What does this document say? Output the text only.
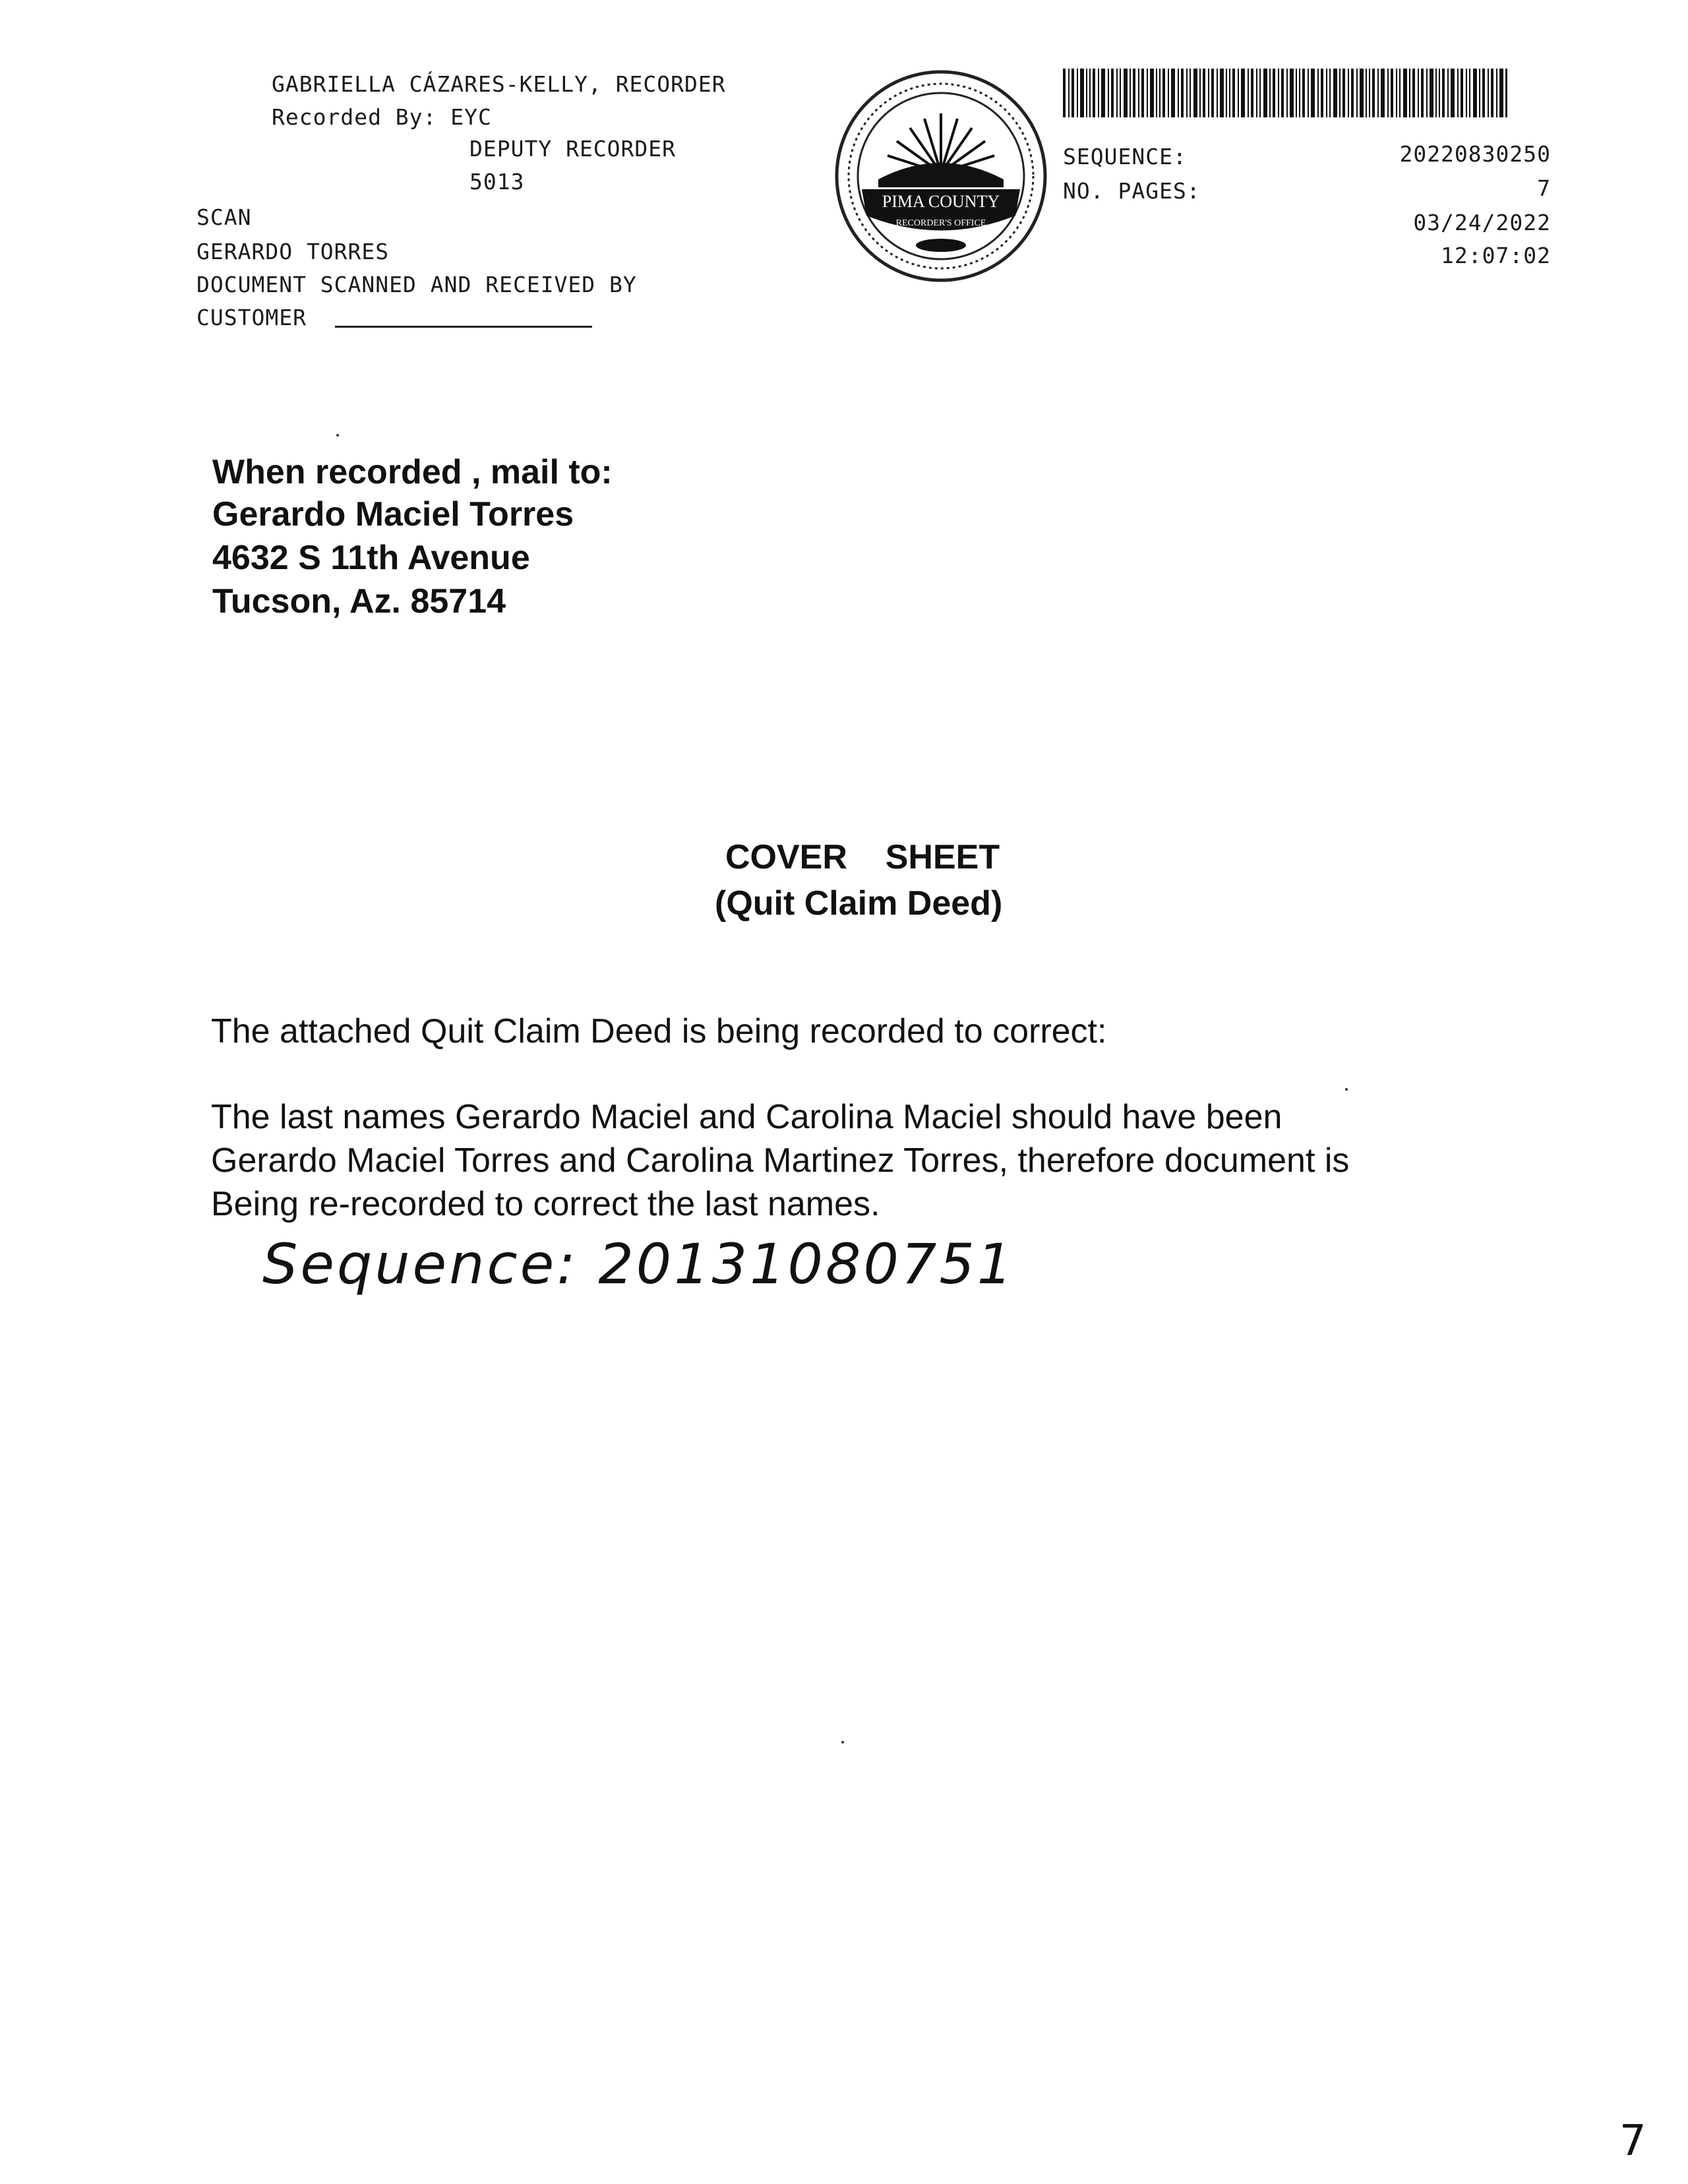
GABRIELLA CÁZARES-KELLY, RECORDER
Recorded By: EYC
DEPUTY RECORDER
5013
SCAN
GERARDO TORRES
DOCUMENT SCANNED AND RECEIVED BY
CUSTOMER
PIMA COUNTY
RECORDER'S OFFICE
SEQUENCE:	20220830250
NO. PAGES:	7
03/24/2022
12:07:02
When recorded , mail to:
Gerardo Maciel Torres
4632 S 11th Avenue
Tucson, Az. 85714
COVER    SHEET
(Quit Claim Deed)
The attached Quit Claim Deed is being recorded to correct:
The last names Gerardo Maciel and Carolina Maciel should have been
Gerardo Maciel Torres and Carolina Martinez Torres, therefore document is
Being re-recorded to correct the last names.
Sequence: 20131080751
7
